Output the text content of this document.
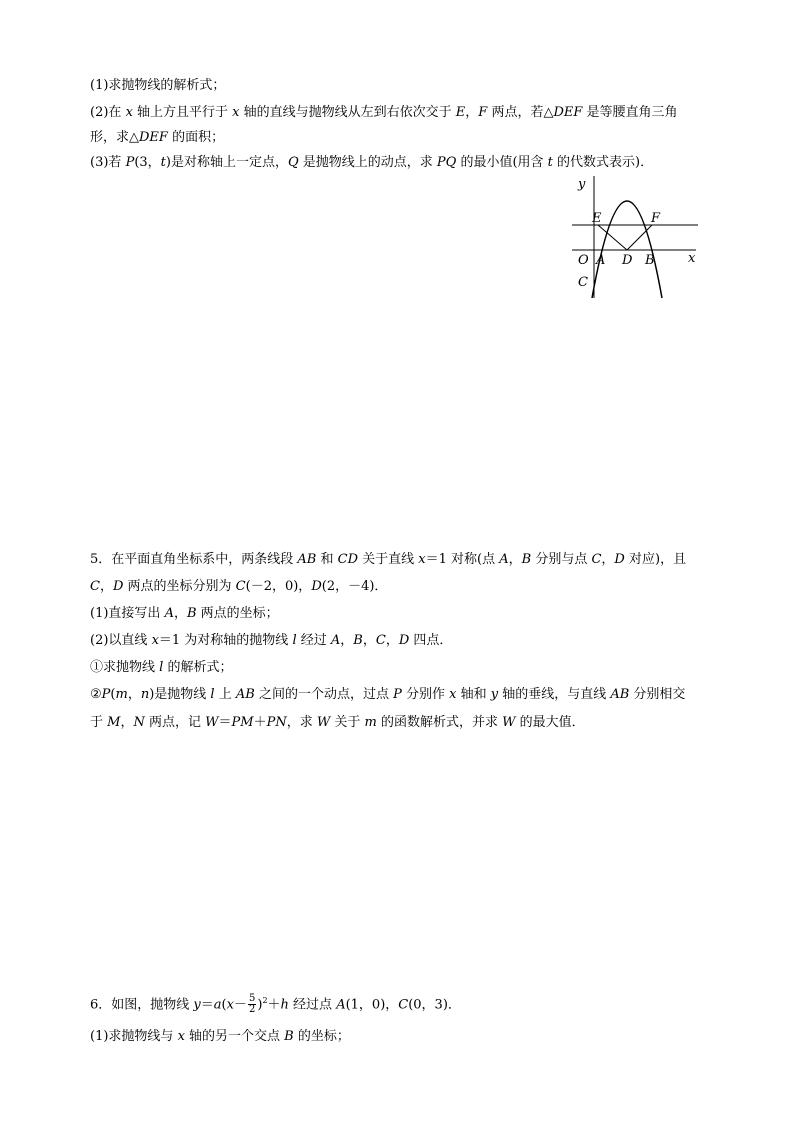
(1)求抛物线的解析式；
(2)在 x 轴上方且平行于 x 轴的直线与抛物线从左到右依次交于 E，F 两点，若△DEF 是等腰直角三角
形，求△DEF 的面积；
(3)若 P(3，t)是对称轴上一定点，Q 是抛物线上的动点，求 PQ 的最小值(用含 t 的代数式表示)．
y
E	F
O A D B	x
C
5．在平面直角坐标系中，两条线段 AB 和 CD 关于直线 x＝1 对称(点 A，B 分别与点 C，D 对应)，且
C，D 两点的坐标分别为 C(－2，0)，D(2，－4)．
(1)直接写出 A，B 两点的坐标；
(2)以直线 x＝1 为对称轴的抛物线 l 经过 A，B，C，D 四点．
①求抛物线 l 的解析式；
②P(m，n)是抛物线 l 上 AB 之间的一个动点，过点 P 分别作 x 轴和 y 轴的垂线，与直线 AB 分别相交
于 M，N 两点，记 W＝PM＋PN，求 W 关于 m 的函数解析式，并求 W 的最大值．
6．如图，抛物线 $y=a(x- \frac{5}{2} )^2+h$ 经过点 A(1，0)，C(0，3)．
(1)求抛物线与 x 轴的另一个交点 B 的坐标；
